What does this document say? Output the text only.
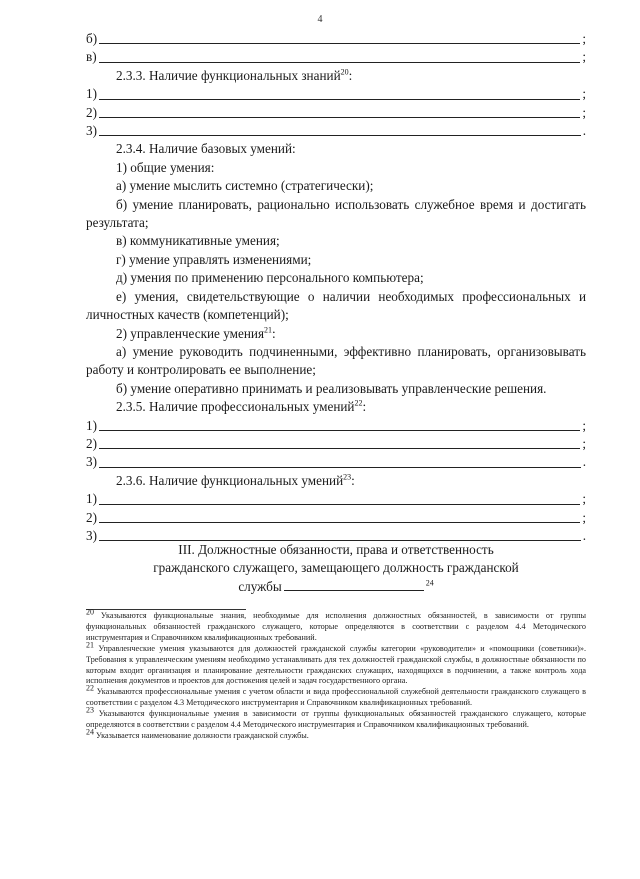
4
б)	;
в)	;
2.3.3. Наличие функциональных знаний$^{20}$:
1)	;
2)	;
3)	.
2.3.4. Наличие базовых умений:
1) общие умения:
а) умение мыслить системно (стратегически);
б) умение планировать, рационально использовать служебное время и достигать результата;
в) коммуникативные умения;
г) умение управлять изменениями;
д) умения по применению персонального компьютера;
е) умения, свидетельствующие о наличии необходимых профессиональных и личностных качеств (компетенций);
2) управленческие умения$^{21}$:
а) умение руководить подчиненными, эффективно планировать, организовывать работу и контролировать ее выполнение;
б) умение оперативно принимать и реализовывать управленческие решения.
2.3.5. Наличие профессиональных умений$^{22}$:
1)	;
2)	;
3)	.
2.3.6. Наличие функциональных умений$^{23}$:
1)	;
2)	;
3)	.
III. Должностные обязанности, права и ответственность
гражданского служащего, замещающего должность гражданской
службы	$^{24}$

$^{20}$ Указываются функциональные знания, необходимые для исполнения должностных обязанностей, в зависимости от группы функциональных обязанностей гражданского служащего, которые определяются в соответствии с разделом 4.4 Методического инструментария и Справочником квалификационных требований.

$^{21}$ Управленческие умения указываются для должностей гражданской службы категории «руководители» и «помощники (советники)». Требования к управленческим умениям необходимо устанавливать для тех должностей гражданской службы, в должностные обязанности по которым входит организация и планирование деятельности гражданских служащих, находящихся в подчинении, а также контроль хода исполнения документов и проектов для достижения целей и задач государственного органа.

$^{22}$ Указываются профессиональные умения с учетом области и вида профессиональной служебной деятельности гражданского служащего в соответствии с разделом 4.3 Методического инструментария и Справочником квалификационных требований.

$^{23}$ Указываются функциональные умения в зависимости от группы функциональных обязанностей гражданского служащего, которые определяются в соответствии с разделом 4.4 Методического инструментария и Справочником квалификационных требований.

$^{24}$ Указывается наименование должности гражданской службы.
